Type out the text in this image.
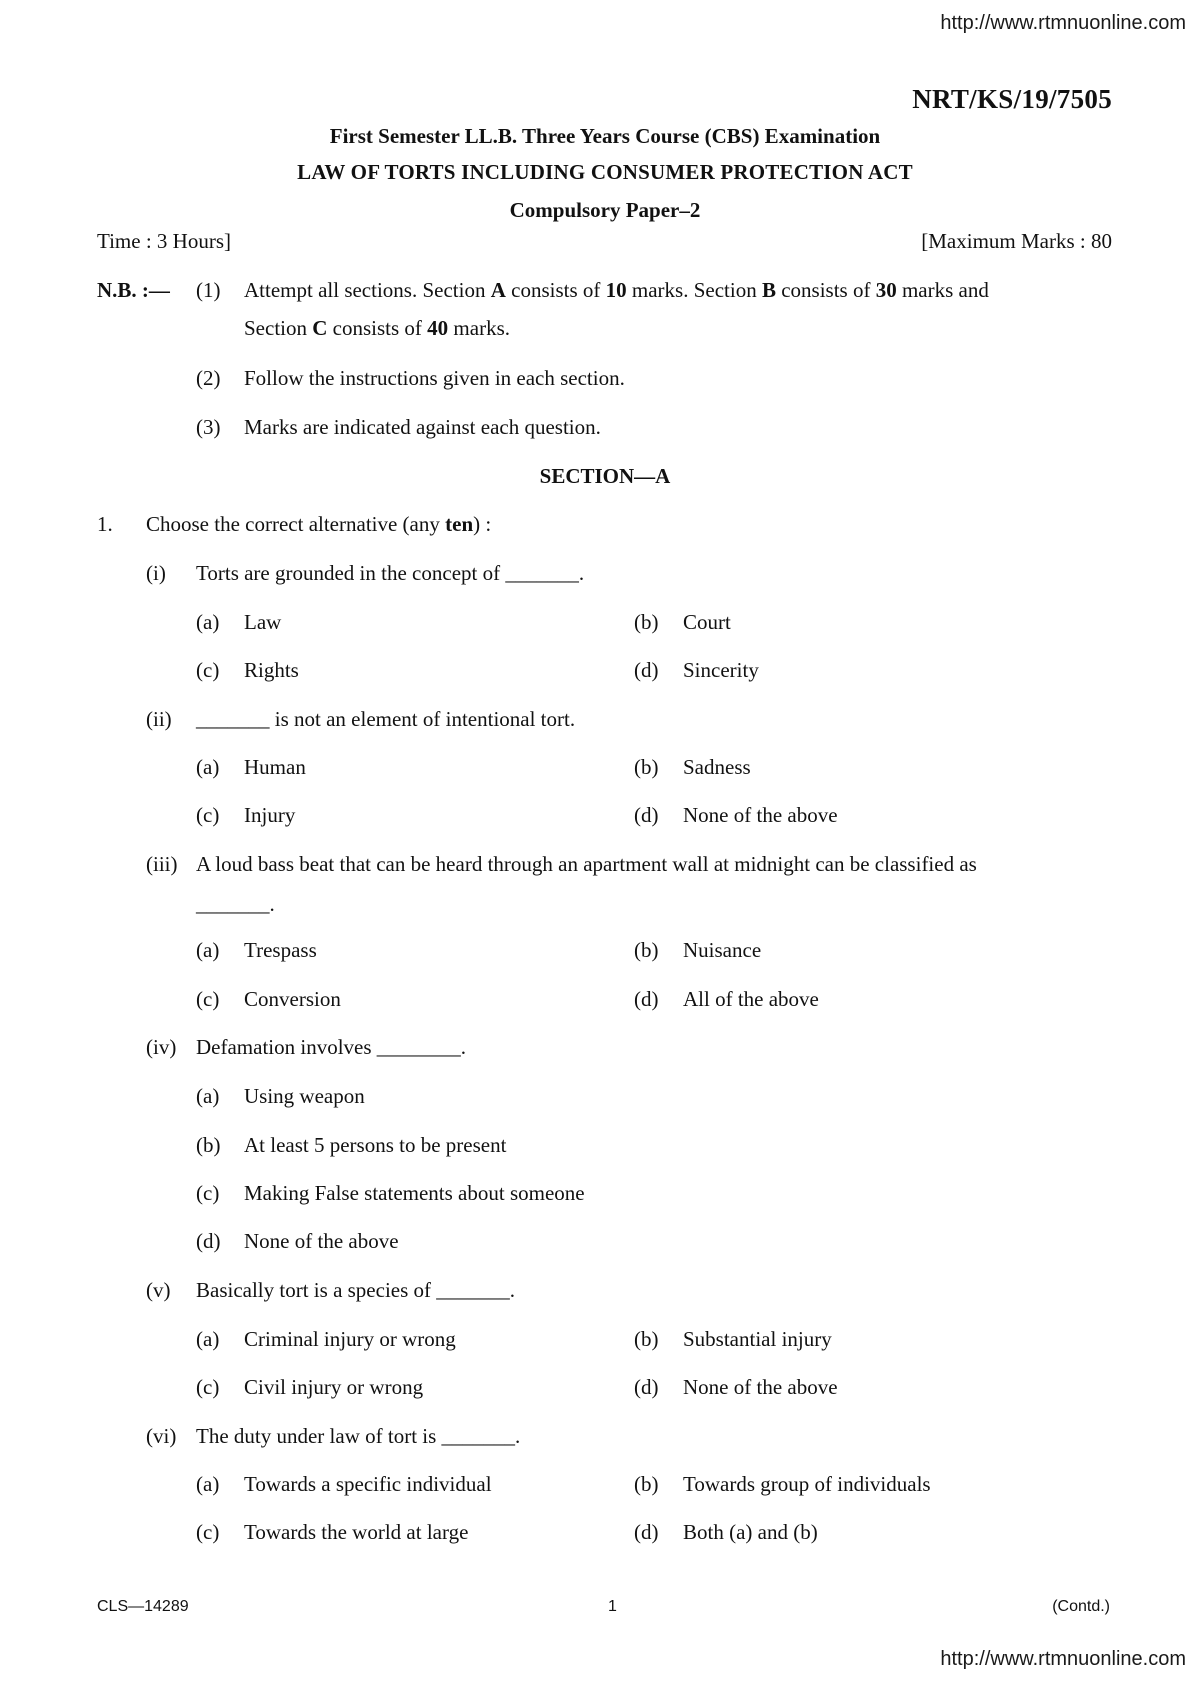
http://www.rtmnuonline.com
NRT/KS/19/7505
First Semester LL.B. Three Years Course (CBS) Examination
LAW OF TORTS INCLUDING CONSUMER PROTECTION ACT
Compulsory Paper–2
Time : 3 Hours]	[Maximum Marks : 80
N.B. :— (1) Attempt all sections. Section A consists of 10 marks. Section B consists of 30 marks and
Section C consists of 40 marks.
(2) Follow the instructions given in each section.
(3) Marks are indicated against each question.
SECTION—A
1. Choose the correct alternative (any ten) :
(i) Torts are grounded in the concept of _______.
(a) Law	(b) Court
(c) Rights	(d) Sincerity
(ii) _______ is not an element of intentional tort.
(a) Human	(b) Sadness
(c) Injury	(d) None of the above
(iii) A loud bass beat that can be heard through an apartment wall at midnight can be classified as
_______.
(a) Trespass	(b) Nuisance
(c) Conversion	(d) All of the above
(iv) Defamation involves ________.
(a) Using weapon
(b) At least 5 persons to be present
(c) Making False statements about someone
(d) None of the above
(v) Basically tort is a species of _______.
(a) Criminal injury or wrong	(b) Substantial injury
(c) Civil injury or wrong	(d) None of the above
(vi) The duty under law of tort is _______.
(a) Towards a specific individual	(b) Towards group of individuals
(c) Towards the world at large	(d) Both (a) and (b)
CLS—14289	1	(Contd.)
http://www.rtmnuonline.com
